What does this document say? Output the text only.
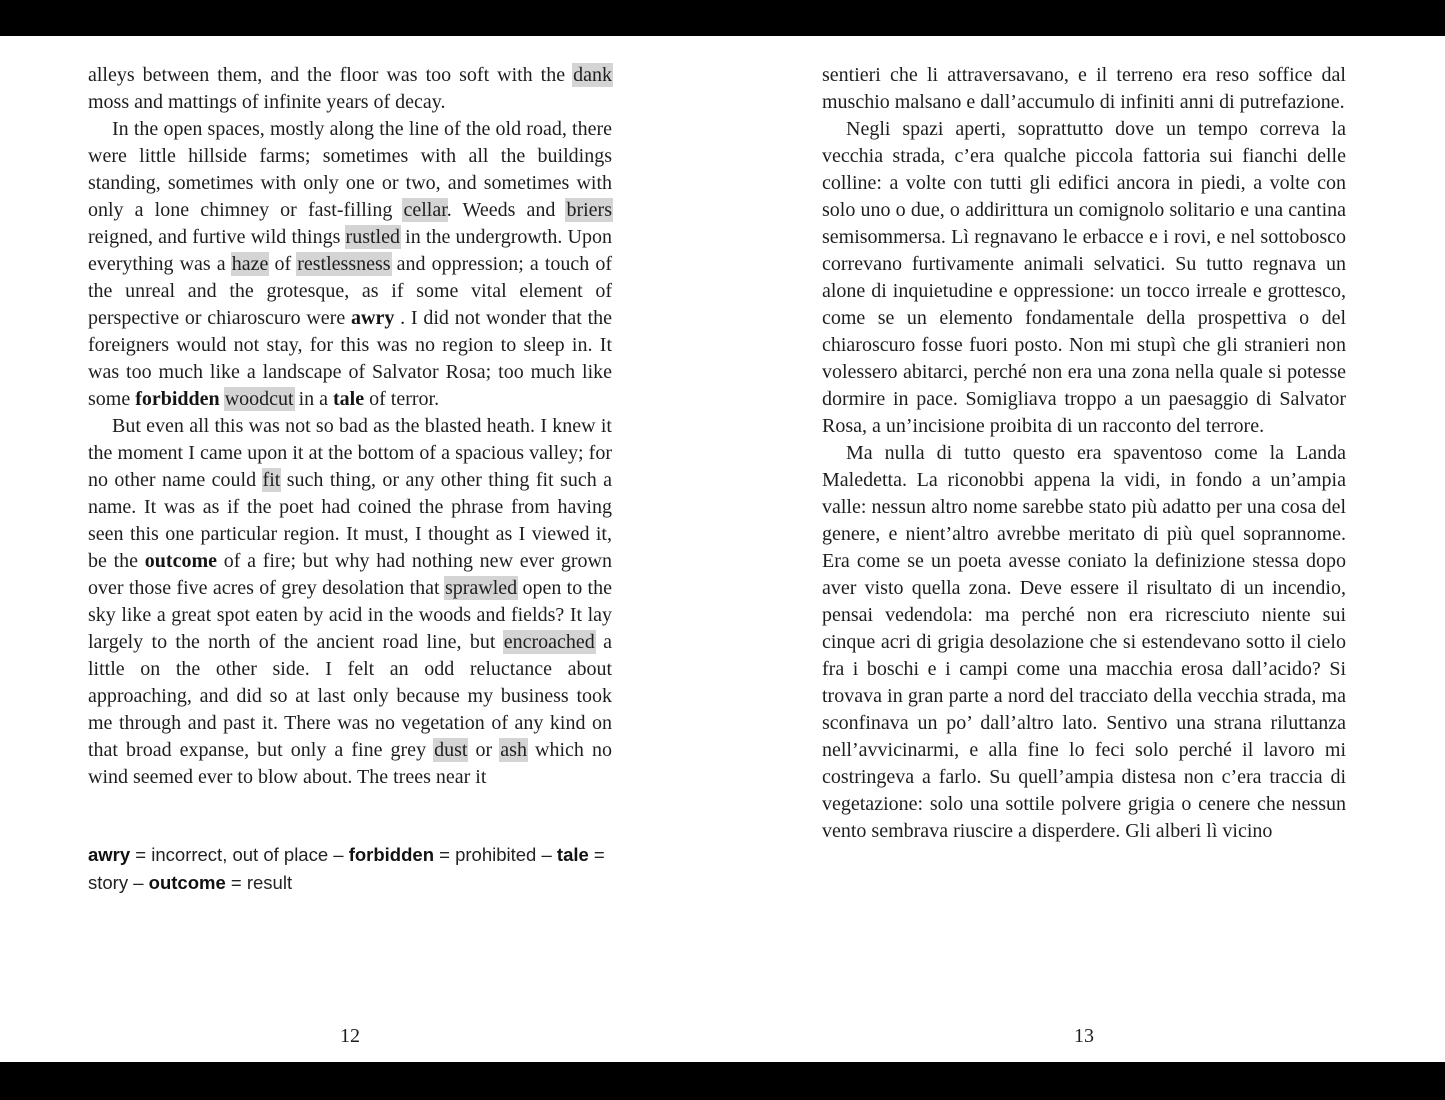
alleys between them, and the floor was too soft with the dank moss and mattings of infinite years of decay.

In the open spaces, mostly along the line of the old road, there were little hillside farms; sometimes with all the buildings standing, sometimes with only one or two, and sometimes with only a lone chimney or fast-filling cellar. Weeds and briers reigned, and furtive wild things rustled in the undergrowth. Upon everything was a haze of restlessness and oppression; a touch of the unreal and the grotesque, as if some vital element of perspective or chiaroscuro were awry . I did not wonder that the foreigners would not stay, for this was no region to sleep in. It was too much like a landscape of Salvator Rosa; too much like some forbidden woodcut in a tale of terror.

But even all this was not so bad as the blasted heath. I knew it the moment I came upon it at the bottom of a spacious valley; for no other name could fit such thing, or any other thing fit such a name. It was as if the poet had coined the phrase from having seen this one particular region. It must, I thought as I viewed it, be the outcome of a fire; but why had nothing new ever grown over those five acres of grey desolation that sprawled open to the sky like a great spot eaten by acid in the woods and fields? It lay largely to the north of the ancient road line, but encroached a little on the other side. I felt an odd reluctance about approaching, and did so at last only because my business took me through and past it. There was no vegetation of any kind on that broad expanse, but only a fine grey dust or ash which no wind seemed ever to blow about. The trees near it

awry = incorrect, out of place – forbidden = prohibited – tale = story – outcome = result
12

sentieri che li attraversavano, e il terreno era reso soffice dal muschio malsano e dall’accumulo di infiniti anni di putrefazione.

Negli spazi aperti, soprattutto dove un tempo correva la vecchia strada, c’era qualche piccola fattoria sui fianchi delle colline: a volte con tutti gli edifici ancora in piedi, a volte con solo uno o due, o addirittura un comignolo solitario e una cantina semisommersa. Lì regnavano le erbacce e i rovi, e nel sottobosco correvano furtivamente animali selvatici. Su tutto regnava un alone di inquietudine e oppressione: un tocco irreale e grottesco, come se un elemento fondamentale della prospettiva o del chiaroscuro fosse fuori posto. Non mi stupì che gli stranieri non volessero abitarci, perché non era una zona nella quale si potesse dormire in pace. Somigliava troppo a un paesaggio di Salvator Rosa, a un’incisione proibita di un racconto del terrore.

Ma nulla di tutto questo era spaventoso come la Landa Maledetta. La riconobbi appena la vidi, in fondo a un’ampia valle: nessun altro nome sarebbe stato più adatto per una cosa del genere, e nient’altro avrebbe meritato di più quel soprannome. Era come se un poeta avesse coniato la definizione stessa dopo aver visto quella zona. Deve essere il risultato di un incendio, pensai vedendola: ma perché non era ricresciuto niente sui cinque acri di grigia desolazione che si estendevano sotto il cielo fra i boschi e i campi come una macchia erosa dall’acido? Si trovava in gran parte a nord del tracciato della vecchia strada, ma sconfinava un po’ dall’altro lato. Sentivo una strana riluttanza nell’avvicinarmi, e alla fine lo feci solo perché il lavoro mi costringeva a farlo. Su quell’ampia distesa non c’era traccia di vegetazione: solo una sottile polvere grigia o cenere che nessun vento sembrava riuscire a disperdere. Gli alberi lì vicino

13
